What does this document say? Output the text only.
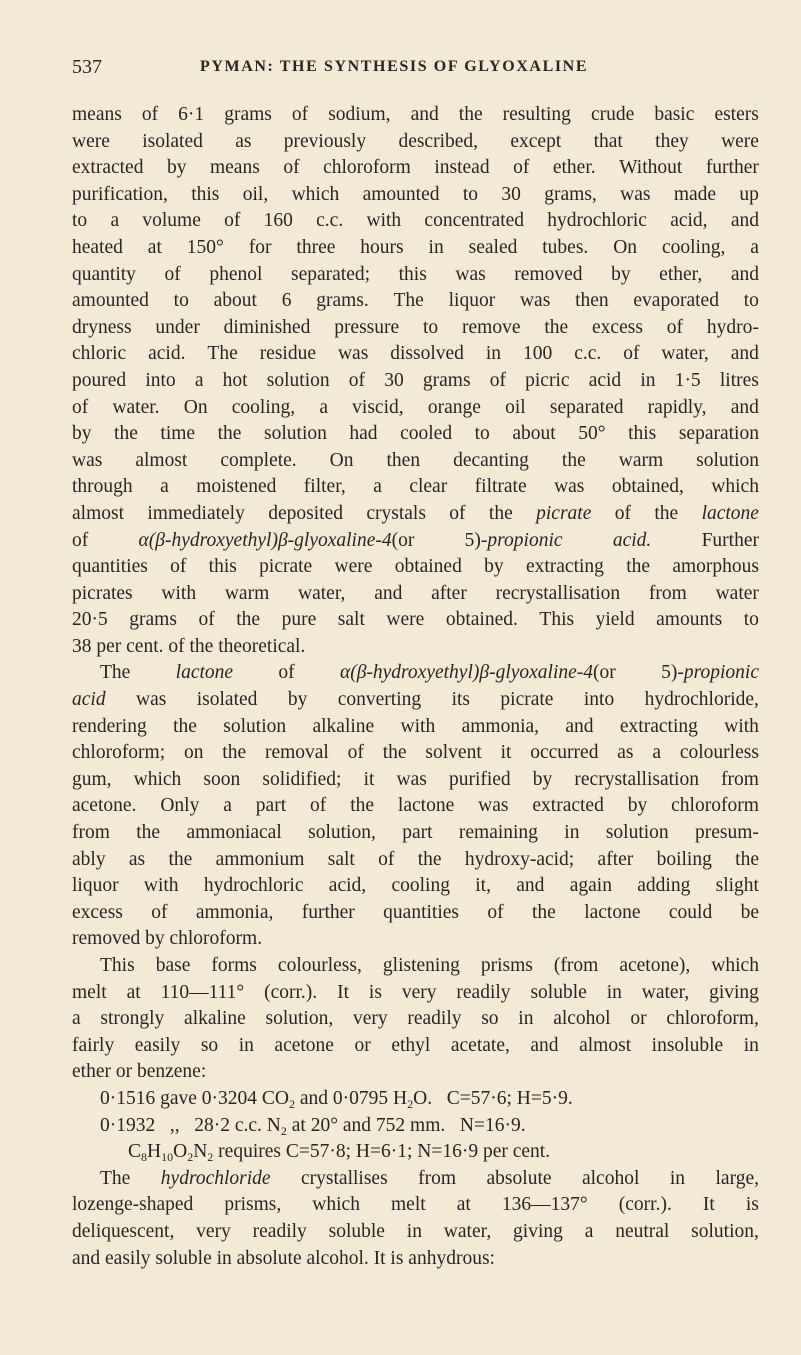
537	PYMAN: THE SYNTHESIS OF GLYOXALINE
means of 6·1 grams of sodium, and the resulting crude basic esters
were isolated as previously described, except that they were
extracted by means of chloroform instead of ether. Without further
purification, this oil, which amounted to 30 grams, was made up
to a volume of 160 c.c. with concentrated hydrochloric acid, and
heated at 150° for three hours in sealed tubes. On cooling, a
quantity of phenol separated; this was removed by ether, and
amounted to about 6 grams. The liquor was then evaporated to
dryness under diminished pressure to remove the excess of hydro-
chloric acid. The residue was dissolved in 100 c.c. of water, and
poured into a hot solution of 30 grams of picric acid in 1·5 litres
of water. On cooling, a viscid, orange oil separated rapidly, and
by the time the solution had cooled to about 50° this separation
was almost complete. On then decanting the warm solution
through a moistened filter, a clear filtrate was obtained, which
almost immediately deposited crystals of the picrate of the lactone
of	α(β-hydroxyethyl)β-glyoxaline-4(or	5)-propionic	acid.	Further
quantities of this picrate were obtained by extracting the amorphous
picrates with warm water, and after recrystallisation from water
20·5 grams of the pure salt were obtained. This yield amounts to
38 per cent. of the theoretical.
The lactone of α(β-hydroxyethyl)β-glyoxaline-4(or 5)-propionic
acid was isolated by converting its picrate into hydrochloride,
rendering the solution alkaline with ammonia, and extracting with
chloroform; on the removal of the solvent it occurred as a colourless
gum, which soon solidified; it was purified by recrystallisation from
acetone. Only a part of the lactone was extracted by chloroform
from the ammoniacal solution, part remaining in solution presum-
ably as the ammonium salt of the hydroxy-acid; after boiling the
liquor with hydrochloric acid, cooling it, and again adding slight
excess of ammonia, further quantities of the lactone could be
removed by chloroform.
This base forms colourless, glistening prisms (from acetone), which
melt at 110—111° (corr.). It is very readily soluble in water, giving
a strongly alkaline solution, very readily so in alcohol or chloroform,
fairly easily so in acetone or ethyl acetate, and almost insoluble in
ether or benzene:
0·1516 gave 0·3204 $CO_2$ and 0·0795 $H_2O$.   C=57·6; H=5·9.
0·1932   ,,   28·2 c.c. $N_2$ at 20° and 752 mm.   N=16·9.
$C_8H_{10}O_2N_2$ requires C=57·8; H=6·1; N=16·9 per cent.
The hydrochloride crystallises from absolute alcohol in large,
lozenge-shaped prisms, which melt at 136—137° (corr.). It is
deliquescent, very readily soluble in water, giving a neutral solution,
and easily soluble in absolute alcohol. It is anhydrous:
